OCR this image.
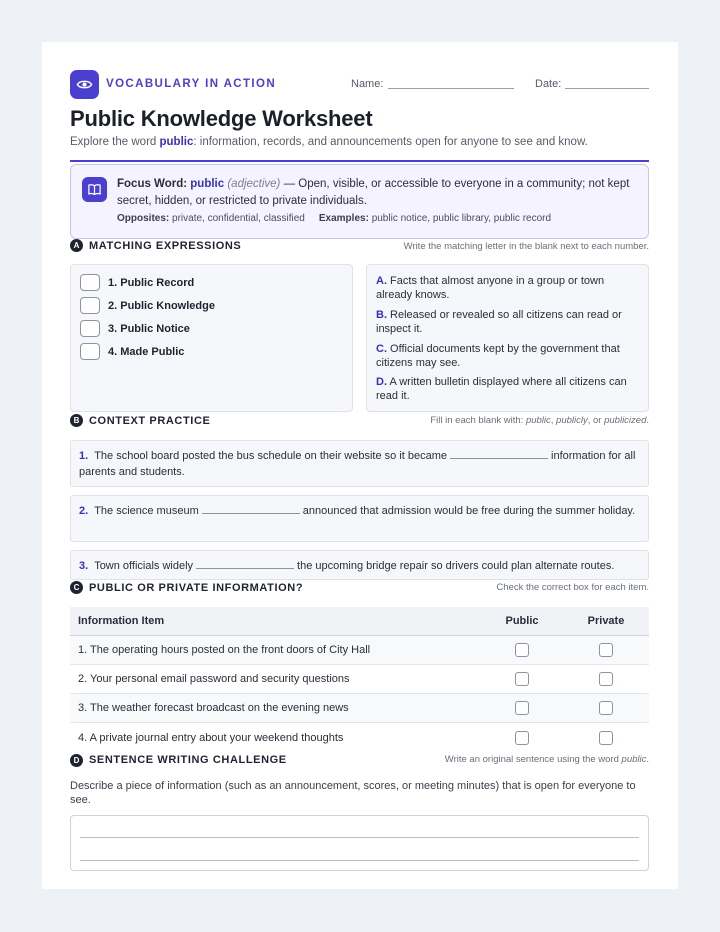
VOCABULARY IN ACTION	Name:	Date:
Public Knowledge Worksheet
Explore the word public: information, records, and announcements open for anyone to see and know.
Focus Word: public (adjective) — Open, visible, or accessible to everyone in a community; not kept secret, hidden, or restricted to private individuals.
Opposites: private, confidential, classified Examples: public notice, public library, public record
A MATCHING EXPRESSIONS	Write the matching letter in the blank next to each number.
1. Public Record
2. Public Knowledge
3. Public Notice
4. Made Public
A. Facts that almost anyone in a group or town already knows.
B. Released or revealed so all citizens can read or inspect it.
C. Official documents kept by the government that citizens may see.
D. A written bulletin displayed where all citizens can read it.
B CONTEXT PRACTICE	Fill in each blank with: public, publicly, or publicized.
1. The school board posted the bus schedule on their website so it became	information for all parents and students.
2. The science museum	announced that admission would be free during the summer holiday.
3. Town officials widely	the upcoming bridge repair so drivers could plan alternate routes.
C PUBLIC OR PRIVATE INFORMATION?	Check the correct box for each item.
Information Item	Public	Private
1. The operating hours posted on the front doors of City Hall
2. Your personal email password and security questions
3. The weather forecast broadcast on the evening news
4. A private journal entry about your weekend thoughts
D SENTENCE WRITING CHALLENGE	Write an original sentence using the word public.
Describe a piece of information (such as an announcement, scores, or meeting minutes) that is open for everyone to see.
